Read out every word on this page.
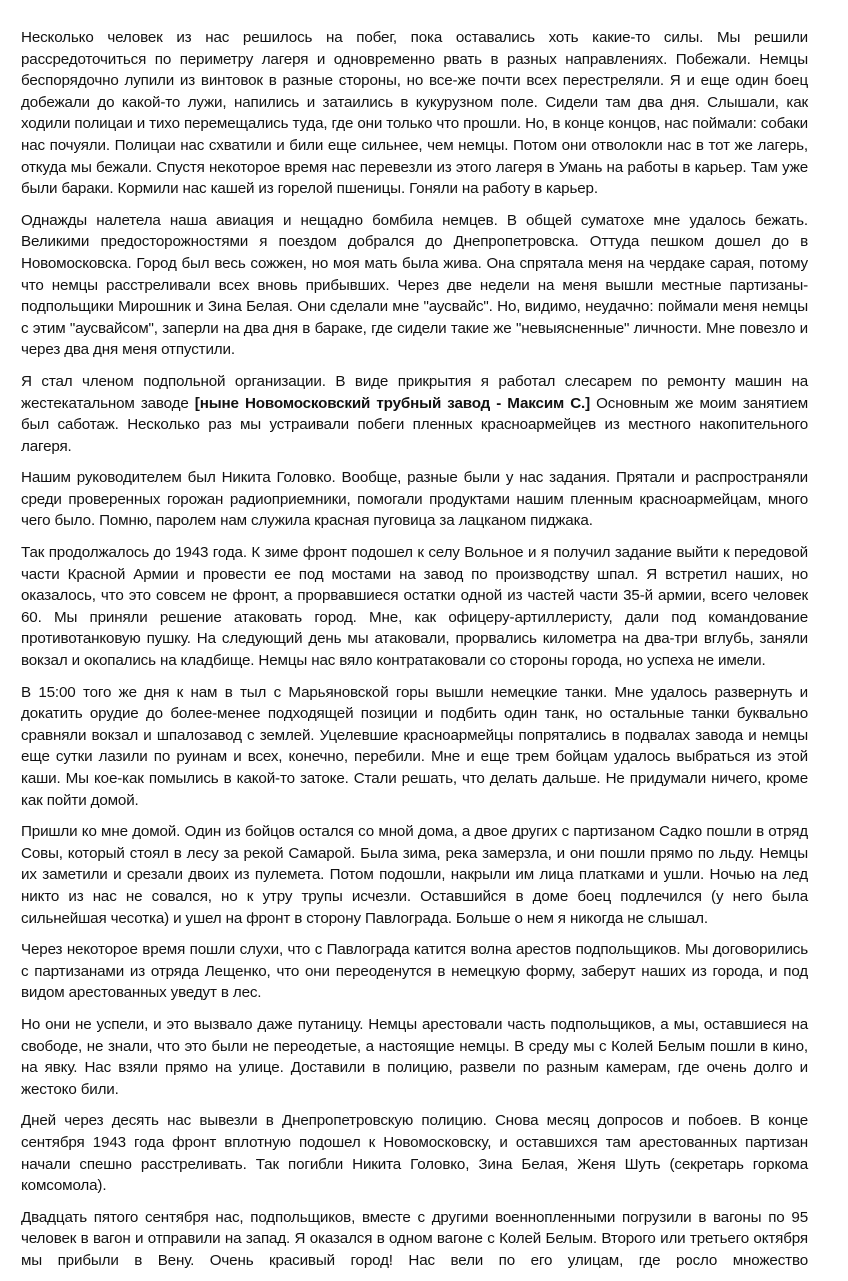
Несколько человек из нас решилось на побег, пока оставались хоть какие-то силы. Мы решили рассредоточиться по периметру лагеря и одновременно рвать в разных направлениях. Побежали. Немцы беспорядочно лупили из винтовок в разные стороны, но все-же почти всех перестреляли. Я и еще один боец добежали до какой-то лужи, напились и затаились в кукурузном поле. Сидели там два дня. Слышали, как ходили полицаи и тихо перемещались туда, где они только что прошли. Но, в конце концов, нас поймали: собаки нас почуяли. Полицаи нас схватили и били еще сильнее, чем немцы. Потом они отволокли нас в тот же лагерь, откуда мы бежали. Спустя некоторое время нас перевезли из этого лагеря в Умань на работы в карьер. Там уже были бараки. Кормили нас кашей из горелой пшеницы. Гоняли на работу в карьер.

Однажды налетела наша авиация и нещадно бомбила немцев. В общей суматохе мне удалось бежать. Великими предосторожностями я поездом добрался до Днепропетровска. Оттуда пешком дошел до в Новомосковска. Город был весь сожжен, но моя мать была жива. Она спрятала меня на чердаке сарая, потому что немцы расстреливали всех вновь прибывших. Через две недели на меня вышли местные партизаны-подпольщики Мирошник и Зина Белая. Они сделали мне "аусвайс". Но, видимо, неудачно: поймали меня немцы с этим "аусвайсом", заперли на два дня в бараке, где сидели такие же "невыясненные" личности. Мне повезло и через два дня меня отпустили.

Я стал членом подпольной организации. В виде прикрытия я работал слесарем по ремонту машин на жестекатальном заводе [ныне Новомосковский трубный завод - Максим С.] Основным же моим занятием был саботаж. Несколько раз мы устраивали побеги пленных красноармейцев из местного накопительного лагеря.

Нашим руководителем был Никита Головко. Вообще, разные были у нас задания. Прятали и распространяли среди проверенных горожан радиоприемники, помогали продуктами нашим пленным красноармейцам, много чего было. Помню, паролем нам служила красная пуговица за лацканом пиджака.

Так продолжалось до 1943 года. К зиме фронт подошел к селу Вольное и я получил задание выйти к передовой части Красной Армии и провести ее под мостами на завод по производству шпал. Я встретил наших, но оказалось, что это совсем не фронт, а прорвавшиеся остатки одной из частей части 35-й армии, всего человек 60. Мы приняли решение атаковать город. Мне, как офицеру-артиллеристу, дали под командование противотанковую пушку. На следующий день мы атаковали, прорвались километра на два-три вглубь, заняли вокзал и окопались на кладбище. Немцы нас вяло контратаковали со стороны города, но успеха не имели.

В 15:00 того же дня к нам в тыл с Марьяновской горы вышли немецкие танки. Мне удалось развернуть и докатить орудие до более-менее подходящей позиции и подбить один танк, но остальные танки буквально сравняли вокзал и шпалозавод с землей. Уцелевшие красноармейцы попрятались в подвалах завода и немцы еще сутки лазили по руинам и всех, конечно, перебили. Мне и еще трем бойцам удалось выбраться из этой каши. Мы кое-как помылись в какой-то затоке. Стали решать, что делать дальше. Не придумали ничего, кроме как пойти домой.

Пришли ко мне домой. Один из бойцов остался со мной дома, а двое других с партизаном Садко пошли в отряд Совы, который стоял в лесу за рекой Самарой. Была зима, река замерзла, и они пошли прямо по льду. Немцы их заметили и срезали двоих из пулемета. Потом подошли, накрыли им лица платками и ушли. Ночью на лед никто из нас не совался, но к утру трупы исчезли. Оставшийся в доме боец подлечился (у него была сильнейшая чесотка) и ушел на фронт в сторону Павлограда. Больше о нем я никогда не слышал.

Через некоторое время пошли слухи, что с Павлограда катится волна арестов подпольщиков. Мы договорились с партизанами из отряда Лещенко, что они переоденутся в немецкую форму, заберут наших из города, и под видом арестованных уведут в лес.

Но они не успели, и это вызвало даже путаницу. Немцы арестовали часть подпольщиков, а мы, оставшиеся на свободе, не знали, что это были не переодетые, а настоящие немцы. В среду мы с Колей Белым пошли в кино, на явку. Нас взяли прямо на улице. Доставили в полицию, развели по разным камерам, где очень долго и жестоко били.

Дней через десять нас вывезли в Днепропетровскую полицию. Снова месяц допросов и побоев. В конце сентября 1943 года фронт вплотную подошел к Новомосковску, и оставшихся там арестованных партизан начали спешно расстреливать. Так погибли Никита Головко, Зина Белая, Женя Шуть (секретарь горкома комсомола).

Двадцать пятого сентября нас, подпольщиков, вместе с другими военнопленными погрузили в вагоны по 95 человек в вагон и отправили на запад. Я оказался в одном вагоне с Колей Белым. Второго или третьего октября мы прибыли в Вену. Очень красивый город! Нас вели по его улицам, где росло множество
